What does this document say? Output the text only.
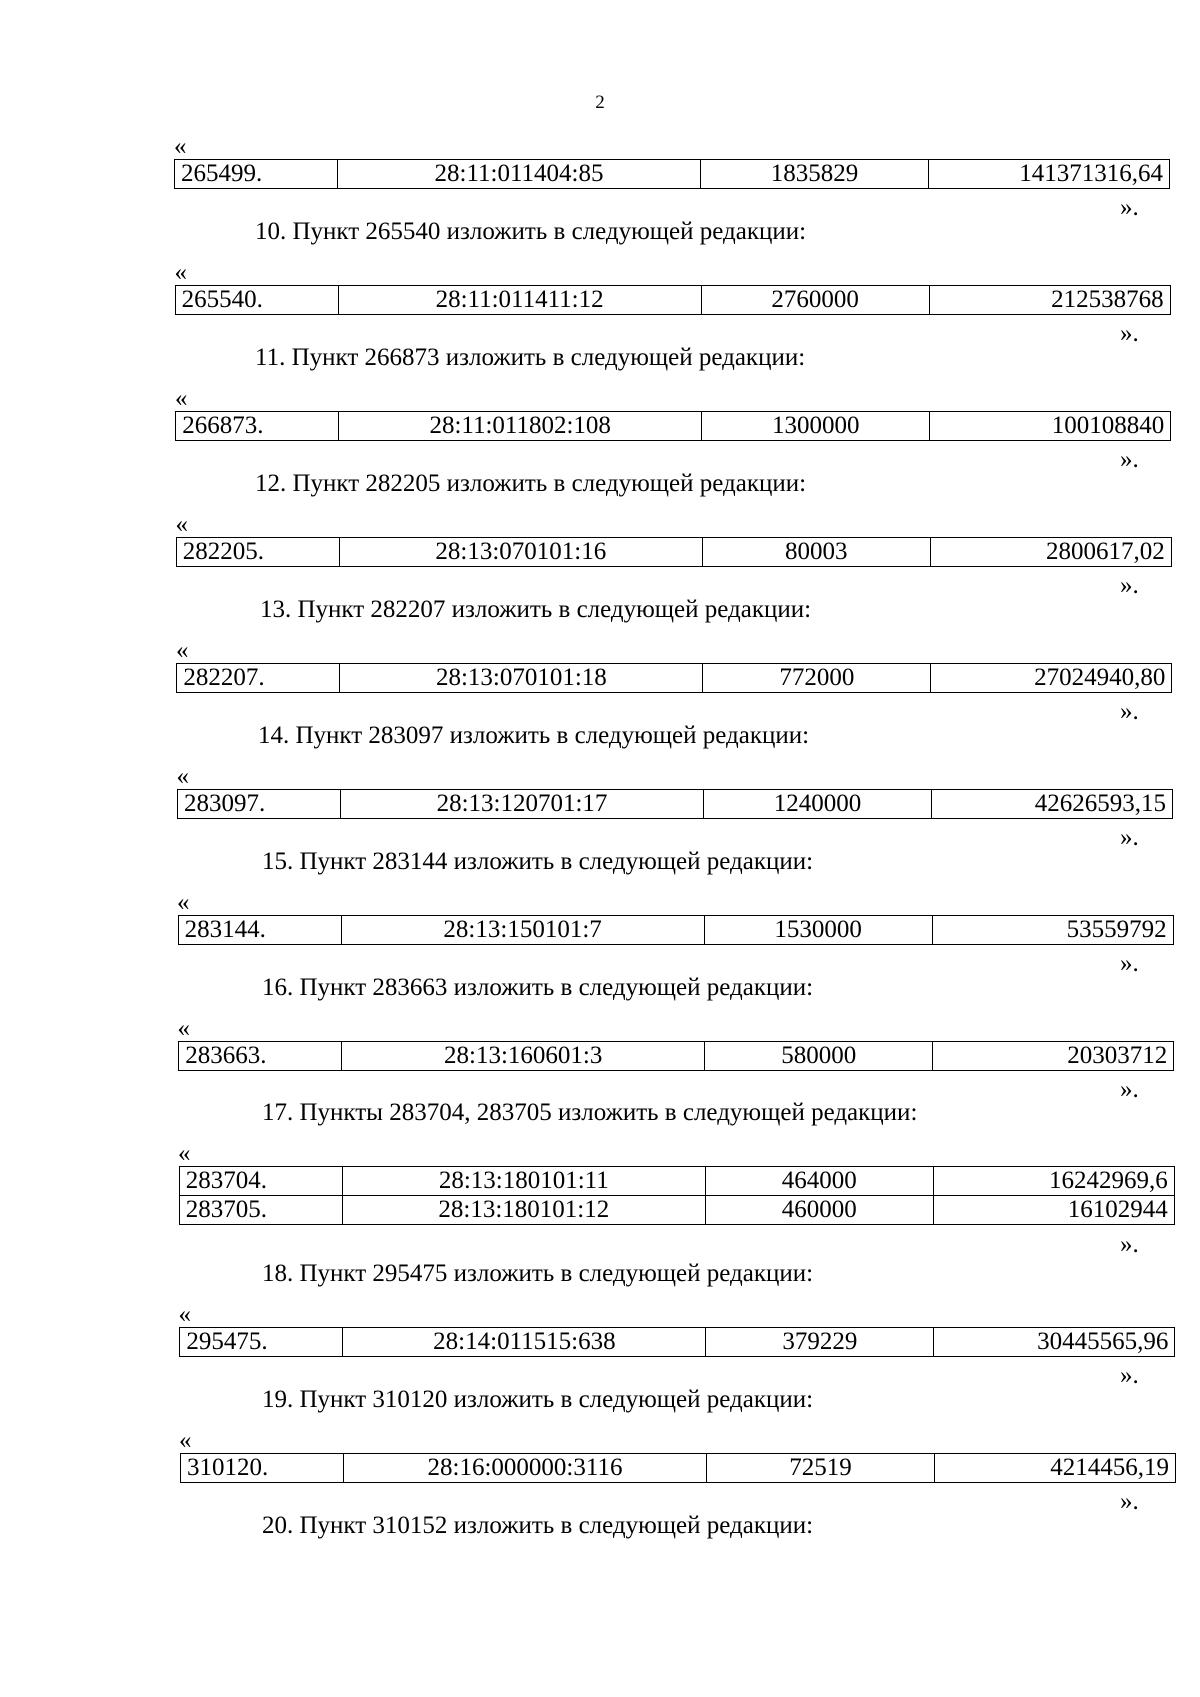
2
«
265499.	28:11:011404:85	1835829	141371316,64
».
10. Пункт 265540 изложить в следующей редакции:
«
265540.	28:11:011411:12	2760000	212538768
».
11. Пункт 266873 изложить в следующей редакции:
«
266873.	28:11:011802:108	1300000	100108840
».
12. Пункт 282205 изложить в следующей редакции:
«
282205.	28:13:070101:16	80003	2800617,02
».
13. Пункт 282207 изложить в следующей редакции:
«
282207.	28:13:070101:18	772000	27024940,80
».
14. Пункт 283097 изложить в следующей редакции:
«
283097.	28:13:120701:17	1240000	42626593,15
».
15. Пункт 283144 изложить в следующей редакции:
«
283144.	28:13:150101:7	1530000	53559792
».
16. Пункт 283663 изложить в следующей редакции:
«
283663.	28:13:160601:3	580000	20303712
».
17. Пункты 283704, 283705 изложить в следующей редакции:
«
283704.	28:13:180101:11	464000	16242969,6
283705.	28:13:180101:12	460000	16102944
».
18. Пункт 295475 изложить в следующей редакции:
«
295475.	28:14:011515:638	379229	30445565,96
».
19. Пункт 310120 изложить в следующей редакции:
«
310120.	28:16:000000:3116	72519	4214456,19
».
20. Пункт 310152 изложить в следующей редакции:
